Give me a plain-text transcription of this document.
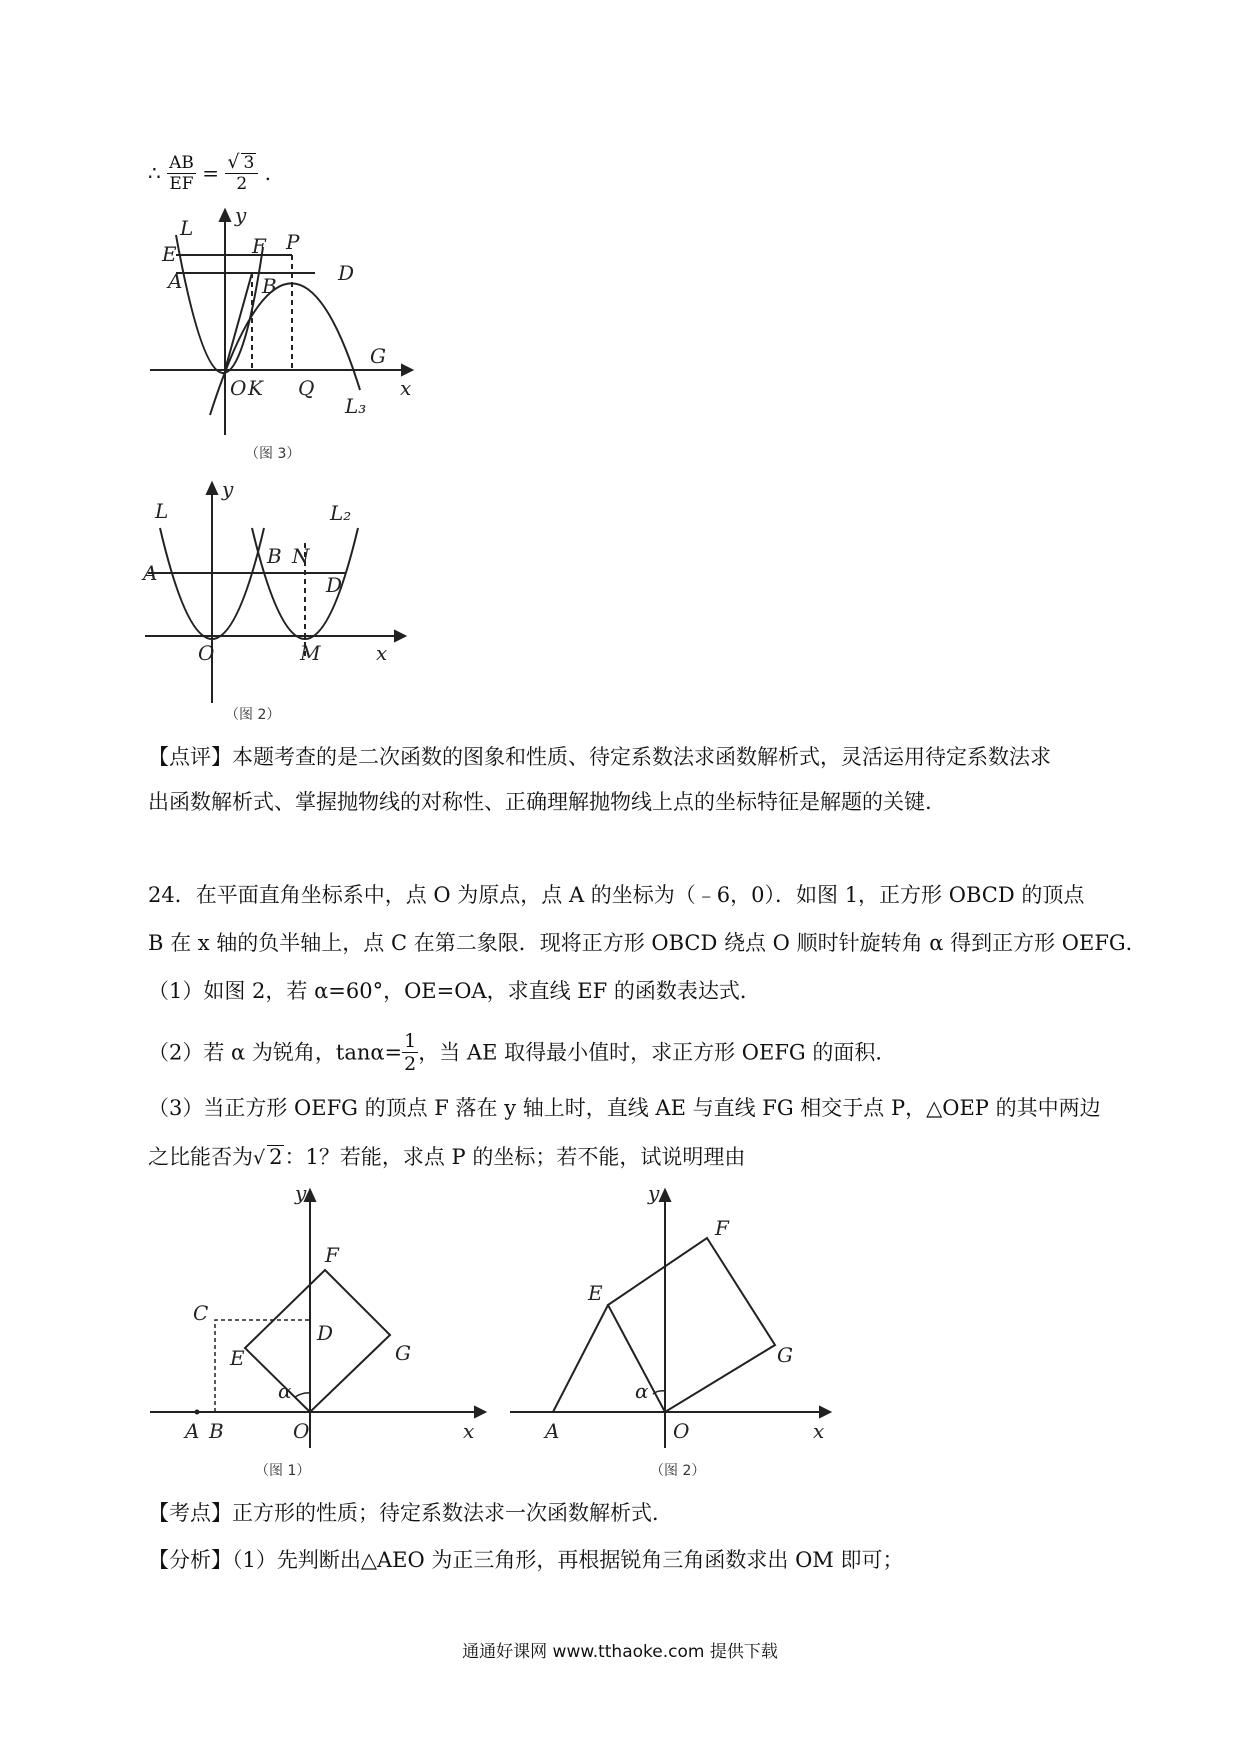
∴ $\frac{AB}{EF} = \frac{√ 3}{2}$ .
L
y
F P
E
A	B
D
G
O K Q	x
L₃
（图 3）
L
y
L₂
A
B N
D
O	M	x
（图 2）
【点评】本题考查的是二次函数的图象和性质、待定系数法求函数解析式，灵活运用待定系数法求
出函数解析式、掌握抛物线的对称性、正确理解抛物线上点的坐标特征是解题的关键.
24．在平面直角坐标系中，点 O 为原点，点 A 的坐标为（﹣6，0）．如图 1，正方形 OBCD 的顶点
B 在 x 轴的负半轴上，点 C 在第二象限．现将正方形 OBCD 绕点 O 顺时针旋转角 α 得到正方形 OEFG．
（1）如图 2，若 α=60°，OE=OA，求直线 EF 的函数表达式．
（2）若 α 为锐角，$\tan\alpha= \frac{1}{2}$ ，当 AE 取得最小值时，求正方形 OEFG 的面积．
（3）当正方形 OEFG 的顶点 F 落在 y 轴上时，直线 AE 与直线 FG 相交于点 P，△OEP 的其中两边
之比能否为√ 2：1？若能，求点 P 的坐标；若不能，试说明理由
y
F
C
D
E	G
α
A B	O	x
（图 1）
y
F
E
G
α
A	O	x
（图 2）
【考点】正方形的性质；待定系数法求一次函数解析式．
【分析】（1）先判断出△AEO 为正三角形，再根据锐角三角函数求出 OM 即可；
通通好课网 www.tthaoke.com 提供下载
